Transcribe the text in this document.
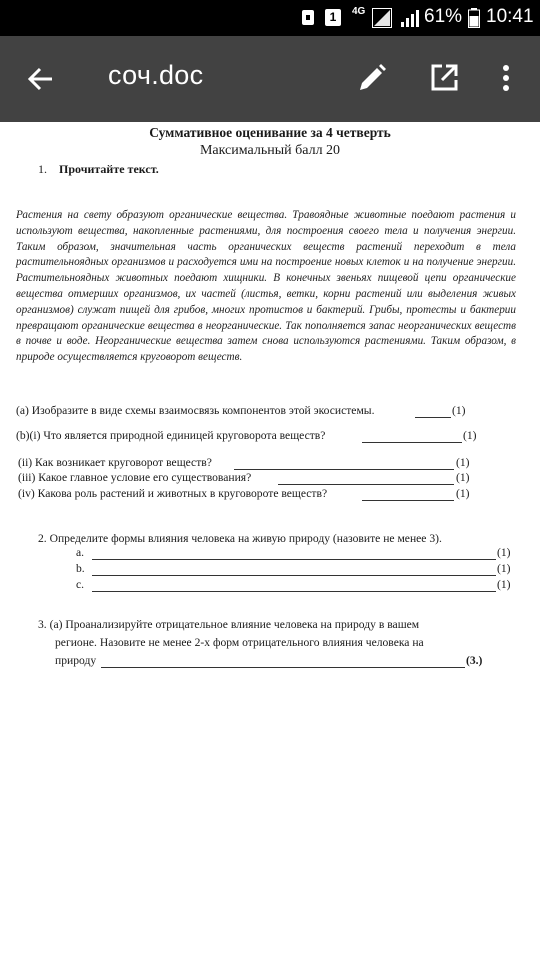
1	4G	61% 10:41
соч.doc
Суммативное оценивание за 4 четверть
Максимальный балл 20
1. Прочитайте текст.
Растения на свету образуют органические вещества. Травоядные животные поедают растения и используют вещества, накопленные растениями, для построения своего тела и получения энергии. Таким образом, значительная часть органических веществ растений переходит в тела растительноядных организмов и расходуется ими на построение новых клеток и на получение энергии. Растительноядных животных поедают хищники. В конечных звеньях пищевой цепи органические вещества отмерших организмов, их частей (листья, ветки, корни растений или выделения живых организмов) служат пищей для грибов, многих протистов и бактерий. Грибы, протесты и бактерии превращают органические вещества в неорганические. Так пополняется запас неорганических веществ в почве и воде. Неорганические вещества затем снова используются растениями. Таким образом, в природе осуществляется круговорот веществ.
(a) Изобразите в виде схемы взаимосвязь компонентов этой экосистемы.	(1)
(b)(i) Что является природной единицей круговорота веществ?	(1)
(ii) Как возникает круговорот веществ?	(1)
(iii) Какое главное условие его существования?	(1)
(iv) Какова роль растений и животных в круговороте веществ?	(1)
2. Определите формы влияния человека на живую природу (назовите не менее 3).
a.	(1)
b.	(1)
c.	(1)
3. (a) Проанализируйте отрицательное влияние человека на природу в вашем
регионе. Назовите не менее 2-х форм отрицательного влияния человека на
природу	(3.)
